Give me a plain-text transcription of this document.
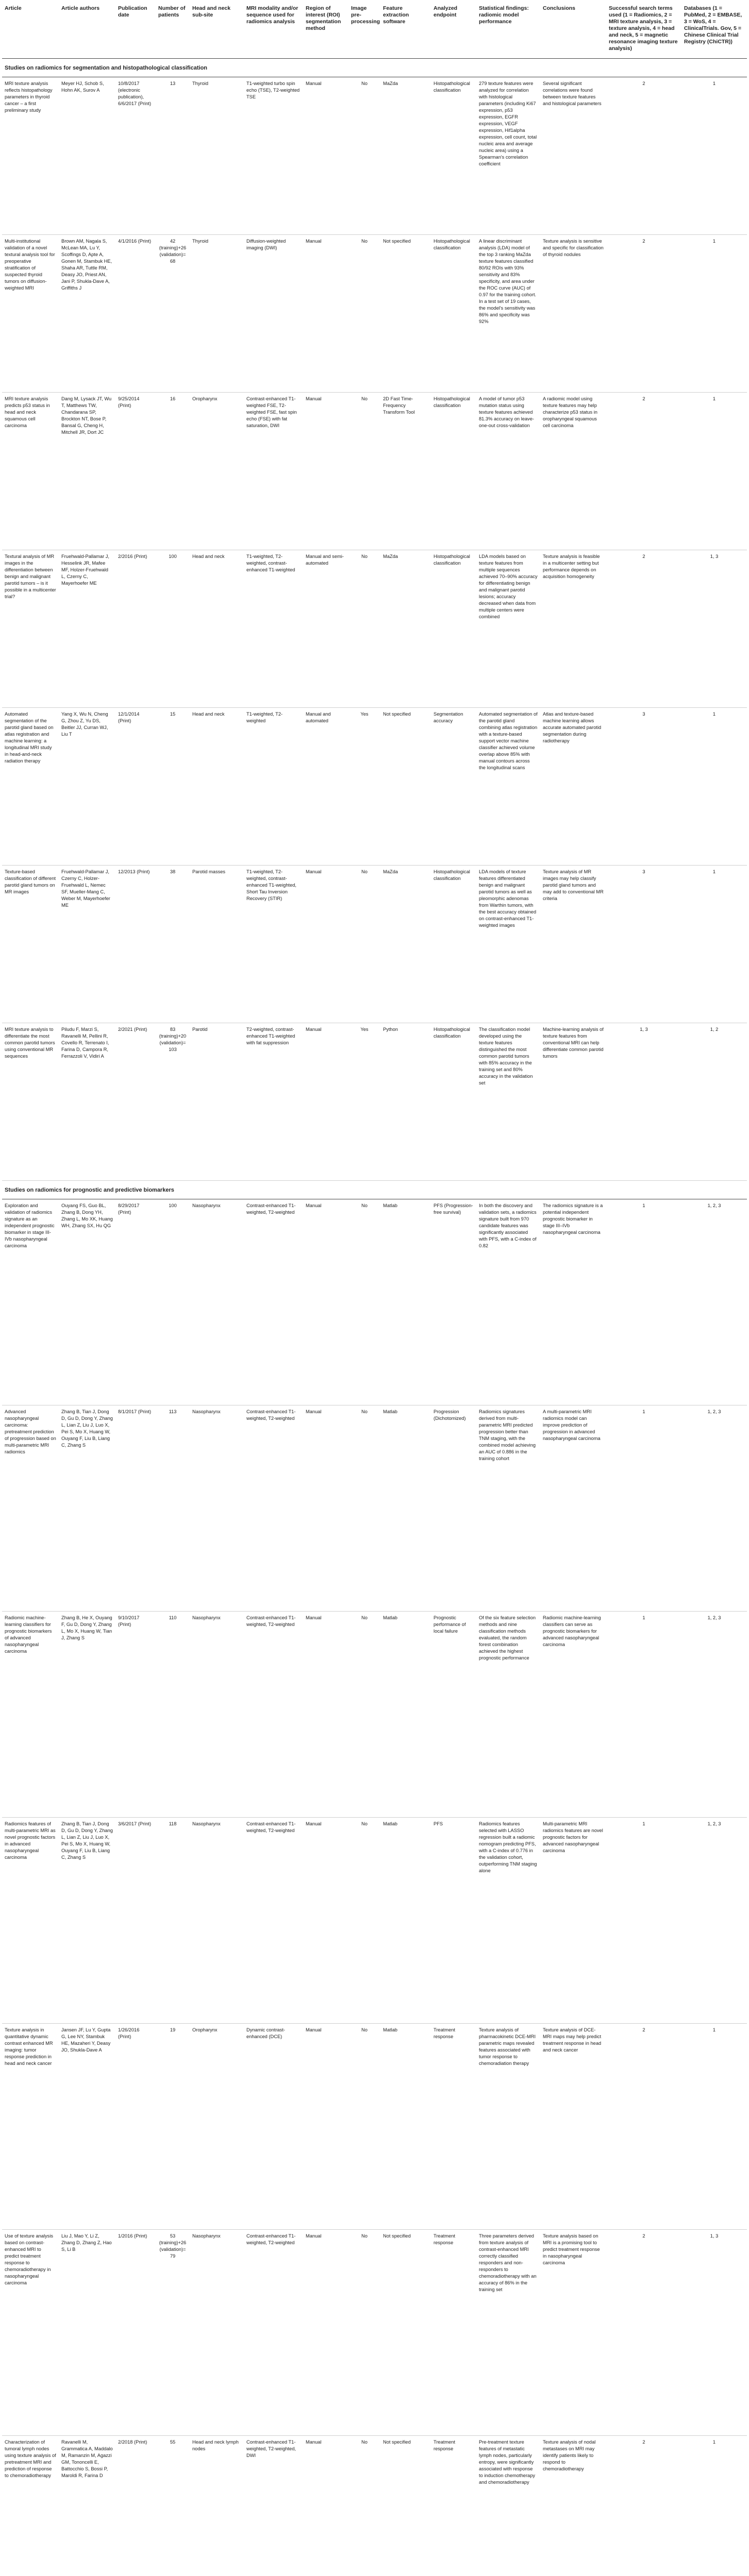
Article	Article authors	Publication date	Number of patients	Head and neck sub-site	MRI modality and/or sequence used for radiomics analysis	Region of interest (ROI) segmentation method	Image pre-processing	Feature extraction software	Analyzed endpoint	Statistical findings: radiomic model performance	Conclusions	Successful search terms used (1 = Radiomics, 2 = MRI texture analysis, 3 = texture analysis, 4 = head and neck, 5 = magnetic resonance imaging texture analysis)	Databases (1 = PubMed, 2 = EMBASE, 3 = WoS, 4 = ClinicalTrials. Gov, 5 = Chinese Clinical Trial Registry (ChiCTR))
Studies on radiomics for segmentation and histopathological classification													
MRI texture analysis reflects histopathology parameters in thyroid cancer – a first preliminary study	Meyer HJ, Schob S, Hohn AK, Surov A	10/8/2017 (electronic publication), 6/6/2017 (Print)	13	Thyroid	T1-weighted turbo spin echo (TSE), T2-weighted TSE	Manual	No	MaZda	Histopathological classification	279 texture features were analyzed for correlation with histological parameters (including Ki67 expression, p53 expression, EGFR expression, VEGF expression, Hif1alpha expression, cell count, total nucleic area and average nucleic area) using a Spearman's correlation coefficient	Several significant correlations were found between texture features and histological parameters	2	1
Multi-institutional validation of a novel textural analysis tool for preoperative stratification of suspected thyroid tumors on diffusion-weighted MRI	Brown AM, Nagala S, McLean MA, Lu Y, Scoffings D, Apte A, Gonen M, Stambuk HE, Shaha AR, Tuttle RM, Deasy JO, Priest AN, Jani P, Shukla-Dave A, Griffiths J	4/1/2016 (Print)	42 (training)+26 (validation)=68	Thyroid	Diffusion-weighted imaging (DWI)	Manual	No	Not specified	Histopathological classification	A linear discriminant analysis (LDA) model of the top 3 ranking MaZda texture features classified 80/92 ROIs with 93% sensitivity and 83% specificity, and area under the ROC curve (AUC) of 0.97 for the training cohort. In a test set of 19 cases, the model's sensitivity was 86% and specificity was 92%	Texture analysis is sensitive and specific for classification of thyroid nodules	2	1
MRI texture analysis predicts p53 status in head and neck squamous cell carcinoma	Dang M, Lysack JT, Wu T, Matthews TW, Chandarana SP, Brockton NT, Bose P, Bansal G, Cheng H, Mitchell JR, Dort JC	9/25/2014 (Print)	16	Oropharynx	Contrast-enhanced T1-weighted FSE, T2-weighted FSE, fast spin echo (FSE) with fat saturation, DWI	Manual	No	2D Fast Time-Frequency Transform Tool	Histopathological classification	A model of tumor p53 mutation status using texture features achieved 81.3% accuracy on leave-one-out cross-validation	A radiomic model using texture features may help characterize p53 status in oropharyngeal squamous cell carcinoma	2	1
Textural analysis of MR images in the differentiation between benign and malignant parotid tumors – is it possible in a multicenter trial?	Fruehwald-Pallamar J, Hesselink JR, Mafee MF, Holzer-Fruehwald L, Czerny C, Mayerhoefer ME	2/2016 (Print)	100	Head and neck	T1-weighted, T2-weighted, contrast-enhanced T1-weighted	Manual and semi-automated	No	MaZda	Histopathological classification	LDA models based on texture features from multiple sequences achieved 70–90% accuracy for differentiating benign and malignant parotid lesions; accuracy decreased when data from multiple centers were combined	Texture analysis is feasible in a multicenter setting but performance depends on acquisition homogeneity	2	1, 3
Automated segmentation of the parotid gland based on atlas registration and machine learning: a longitudinal MRI study in head-and-neck radiation therapy	Yang X, Wu N, Cheng G, Zhou Z, Yu DS, Beitler JJ, Curran WJ, Liu T	12/1/2014 (Print)	15	Head and neck	T1-weighted, T2-weighted	Manual and automated	Yes	Not specified	Segmentation accuracy	Automated segmentation of the parotid gland combining atlas registration with a texture-based support vector machine classifier achieved volume overlap above 85% with manual contours across the longitudinal scans	Atlas and texture-based machine learning allows accurate automated parotid segmentation during radiotherapy	3	1
Texture-based classification of different parotid gland tumors on MR images	Fruehwald-Pallamar J, Czerny C, Holzer-Fruehwald L, Nemec SF, Mueller-Mang C, Weber M, Mayerhoefer ME	12/2013 (Print)	38	Parotid masses	T1-weighted, T2-weighted, contrast-enhanced T1-weighted, Short Tau Inversion Recovery (STIR)	Manual	No	MaZda	Histopathological classification	LDA models of texture features differentiated benign and malignant parotid tumors as well as pleomorphic adenomas from Warthin tumors, with the best accuracy obtained on contrast-enhanced T1-weighted images	Texture analysis of MR images may help classify parotid gland tumors and may add to conventional MR criteria	3	1
MRI texture analysis to differentiate the most common parotid tumors using conventional MR sequences	Piludu F, Marzi S, Ravanelli M, Pellini R, Covello R, Terrenato I, Farina D, Campora R, Ferrazzoli V, Vidiri A	2/2021 (Print)	83 (training)+20 (validation)=103	Parotid	T2-weighted, contrast-enhanced T1-weighted with fat suppression	Manual	Yes	Python	Histopathological classification	The classification model developed using the texture features distinguished the most common parotid tumors with 85% accuracy in the training set and 80% accuracy in the validation set	Machine-learning analysis of texture features from conventional MRI can help differentiate common parotid tumors	1, 3	1, 2
Studies on radiomics for prognostic and predictive biomarkers													
Exploration and validation of radiomics signature as an independent prognostic biomarker in stage III-IVb nasopharyngeal carcinoma	Ouyang FS, Guo BL, Zhang B, Dong YH, Zhang L, Mo XK, Huang WH, Zhang SX, Hu QG	8/29/2017 (Print)	100	Nasopharynx	Contrast-enhanced T1-weighted, T2-weighted	Manual	No	Matlab	PFS (Progression-free survival)	In both the discovery and validation sets, a radiomics signature built from 970 candidate features was significantly associated with PFS, with a C-index of 0.82	The radiomics signature is a potential independent prognostic biomarker in stage III–IVb nasopharyngeal carcinoma	1	1, 2, 3
Advanced nasopharyngeal carcinoma: pretreatment prediction of progression based on multi-parametric MRI radiomics	Zhang B, Tian J, Dong D, Gu D, Dong Y, Zhang L, Lian Z, Liu J, Luo X, Pei S, Mo X, Huang W, Ouyang F, Liu B, Liang C, Zhang S	8/1/2017 (Print)	113	Nasopharynx	Contrast-enhanced T1-weighted, T2-weighted	Manual	No	Matlab	Progression (Dichotomized)	Radiomics signatures derived from multi-parametric MRI predicted progression better than TNM staging, with the combined model achieving an AUC of 0.886 in the training cohort	A multi-parametric MRI radiomics model can improve prediction of progression in advanced nasopharyngeal carcinoma	1	1, 2, 3
Radiomic machine-learning classifiers for prognostic biomarkers of advanced nasopharyngeal carcinoma	Zhang B, He X, Ouyang F, Gu D, Dong Y, Zhang L, Mo X, Huang W, Tian J, Zhang S	9/10/2017 (Print)	110	Nasopharynx	Contrast-enhanced T1-weighted, T2-weighted	Manual	No	Matlab	Prognostic performance of local failure	Of the six feature selection methods and nine classification methods evaluated, the random forest combination achieved the highest prognostic performance	Radiomic machine-learning classifiers can serve as prognostic biomarkers for advanced nasopharyngeal carcinoma	1	1, 2, 3
Radiomics features of multi-parametric MRI as novel prognostic factors in advanced nasopharyngeal carcinoma	Zhang B, Tian J, Dong D, Gu D, Dong Y, Zhang L, Lian Z, Liu J, Luo X, Pei S, Mo X, Huang W, Ouyang F, Liu B, Liang C, Zhang S	3/6/2017 (Print)	118	Nasopharynx	Contrast-enhanced T1-weighted, T2-weighted	Manual	No	Matlab	PFS	Radiomics features selected with LASSO regression built a radiomic nomogram predicting PFS, with a C-index of 0.776 in the validation cohort, outperforming TNM staging alone	Multi-parametric MRI radiomics features are novel prognostic factors for advanced nasopharyngeal carcinoma	1	1, 2, 3
Texture analysis in quantitative dynamic contrast enhanced MR imaging: tumor response prediction in head and neck cancer	Jansen JF, Lu Y, Gupta G, Lee NY, Stambuk HE, Mazaheri Y, Deasy JO, Shukla-Dave A	1/26/2016 (Print)	19	Oropharynx	Dynamic contrast-enhanced (DCE)	Manual	No	Matlab	Treatment response	Texture analysis of pharmacokinetic DCE-MRI parametric maps revealed features associated with tumor response to chemoradiation therapy	Texture analysis of DCE-MRI maps may help predict treatment response in head and neck cancer	2	1
Use of texture analysis based on contrast-enhanced MRI to predict treatment response to chemoradiotherapy in nasopharyngeal carcinoma	Liu J, Mao Y, Li Z, Zhang D, Zhang Z, Hao S, Li B	1/2016 (Print)	53 (training)+26 (validation)=79	Nasopharynx	Contrast-enhanced T1-weighted, T2-weighted	Manual	No	Not specified	Treatment response	Three parameters derived from texture analysis of contrast-enhanced MRI correctly classified responders and non-responders to chemoradiotherapy with an accuracy of 86% in the training set	Texture analysis based on MRI is a promising tool to predict treatment response in nasopharyngeal carcinoma	2	1, 3
Characterization of tumoral lymph nodes using texture analysis of pretreatment MRI and prediction of response to chemoradiotherapy	Ravanelli M, Grammatica A, Maddalo M, Ramanzin M, Agazzi GM, Tononcelli E, Battocchio S, Bossi P, Maroldi R, Farina D	2/2018 (Print)	55	Head and neck lymph nodes	Contrast-enhanced T1-weighted, T2-weighted, DWI	Manual	No	Not specified	Treatment response	Pre-treatment texture features of metastatic lymph nodes, particularly entropy, were significantly associated with response to induction chemotherapy and chemoradiotherapy	Texture analysis of nodal metastases on MRI may identify patients likely to respond to chemoradiotherapy	2	1
